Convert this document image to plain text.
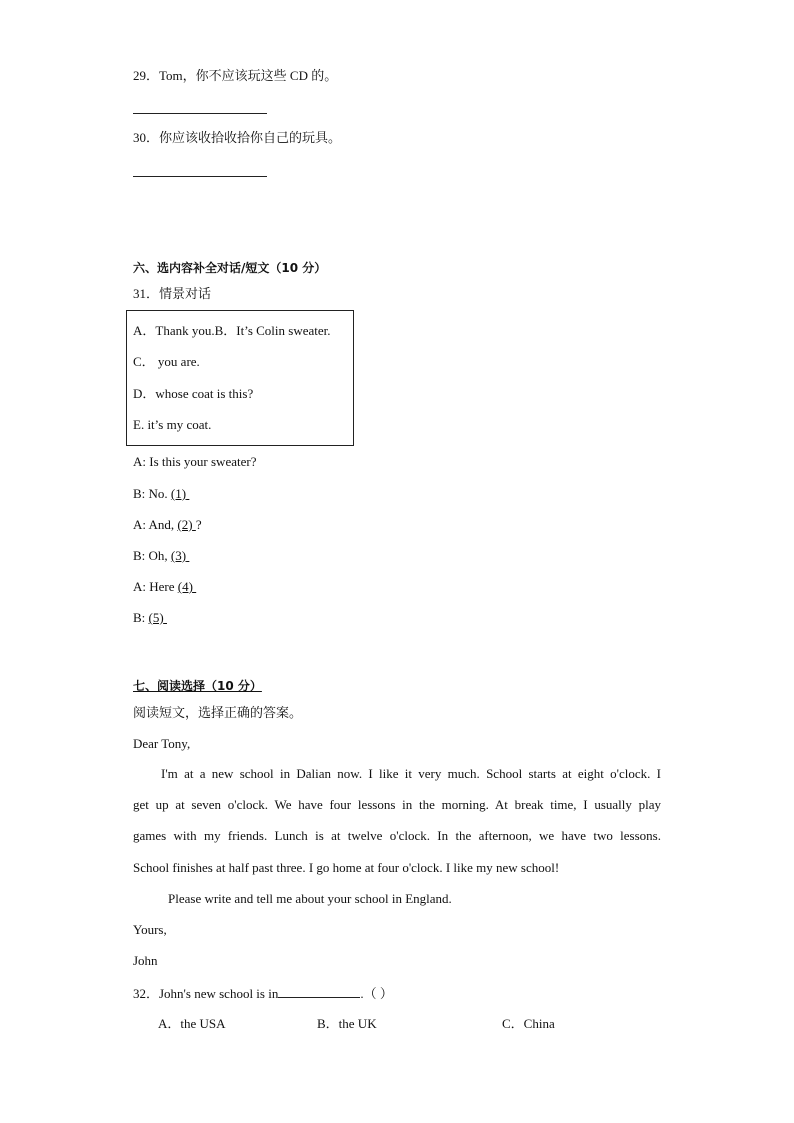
29．Tom，你不应该玩这些 CD 的。
30．你应该收拾收拾你自己的玩具。
六、选内容补全对话/短文（10 分）
31．情景对话
A．Thank you.B．It’s Colin sweater.
C． you are.
D．whose coat is this?
E. it’s my coat.
A: Is this your sweater?
B: No. (1)
A: And, (2) ?
B: Oh, (3)
A: Here (4)
B: (5)
七、阅读选择（10 分）
阅读短文，选择正确的答案。
Dear Tony,
I'm at a new school in Dalian now. I like it very much. School starts at eight o'clock. I
get up at seven o'clock. We have four lessons in the morning. At break time, I usually play
games with my friends. Lunch is at twelve o'clock. In the afternoon, we have two lessons.
School finishes at half past three. I go home at four o'clock. I like my new school!
Please write and tell me about your school in England.
Yours,
John
32．John's new school is in	.（ ）
A．the USA	B．the UK	C．China
